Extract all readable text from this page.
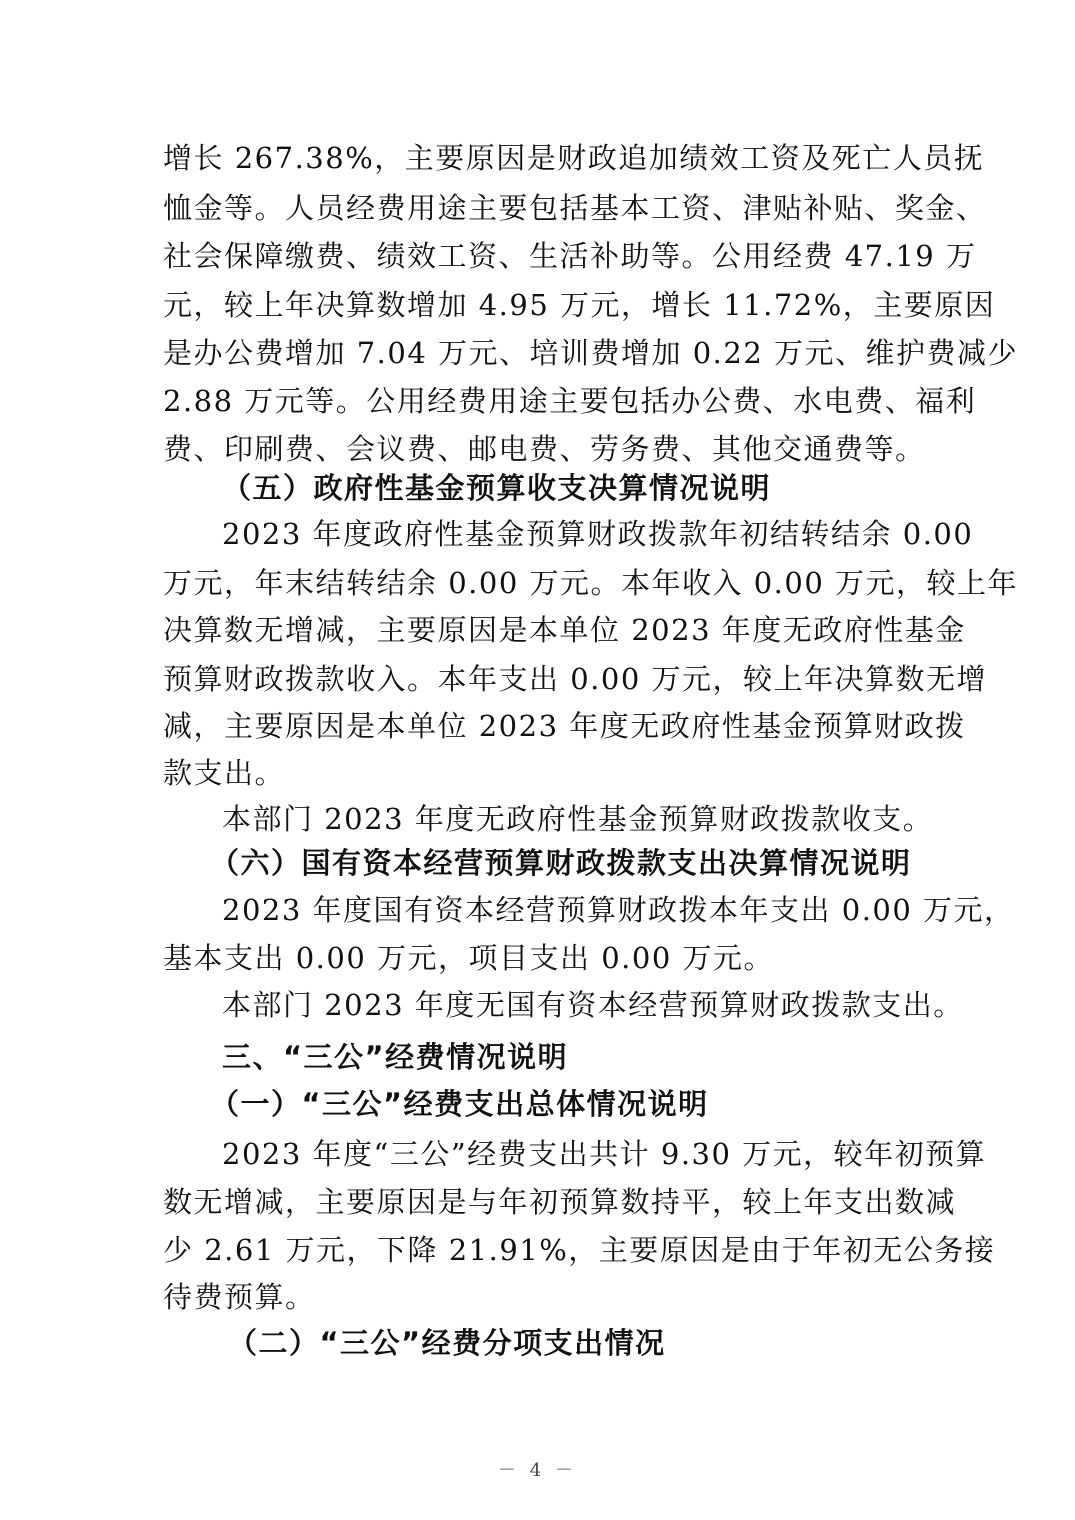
增长 267.38%，主要原因是财政追加绩效工资及死亡人员抚
恤金等。人员经费用途主要包括基本工资、津贴补贴、奖金、
社会保障缴费、绩效工资、生活补助等。公用经费 47.19 万
元，较上年决算数增加 4.95 万元，增长 11.72%，主要原因
是办公费增加 7.04 万元、培训费增加 0.22 万元、维护费减少
2.88 万元等。公用经费用途主要包括办公费、水电费、福利
费、印刷费、会议费、邮电费、劳务费、其他交通费等。
（五）政府性基金预算收支决算情况说明
2023 年度政府性基金预算财政拨款年初结转结余 0.00
万元，年末结转结余 0.00 万元。本年收入 0.00 万元，较上年
决算数无增减，主要原因是本单位 2023 年度无政府性基金
预算财政拨款收入。本年支出 0.00 万元，较上年决算数无增
减，主要原因是本单位 2023 年度无政府性基金预算财政拨
款支出。
本部门 2023 年度无政府性基金预算财政拨款收支。
（六）国有资本经营预算财政拨款支出决算情况说明
2023 年度国有资本经营预算财政拨本年支出 0.00 万元，
基本支出 0.00 万元，项目支出 0.00 万元。
本部门 2023 年度无国有资本经营预算财政拨款支出。
三、“三公”经费情况说明
（一）“三公”经费支出总体情况说明
2023 年度“三公”经费支出共计 9.30 万元，较年初预算
数无增减，主要原因是与年初预算数持平，较上年支出数减
少 2.61 万元，下降 21.91%，主要原因是由于年初无公务接
待费预算。
（二）“三公”经费分项支出情况
－ 4 －
